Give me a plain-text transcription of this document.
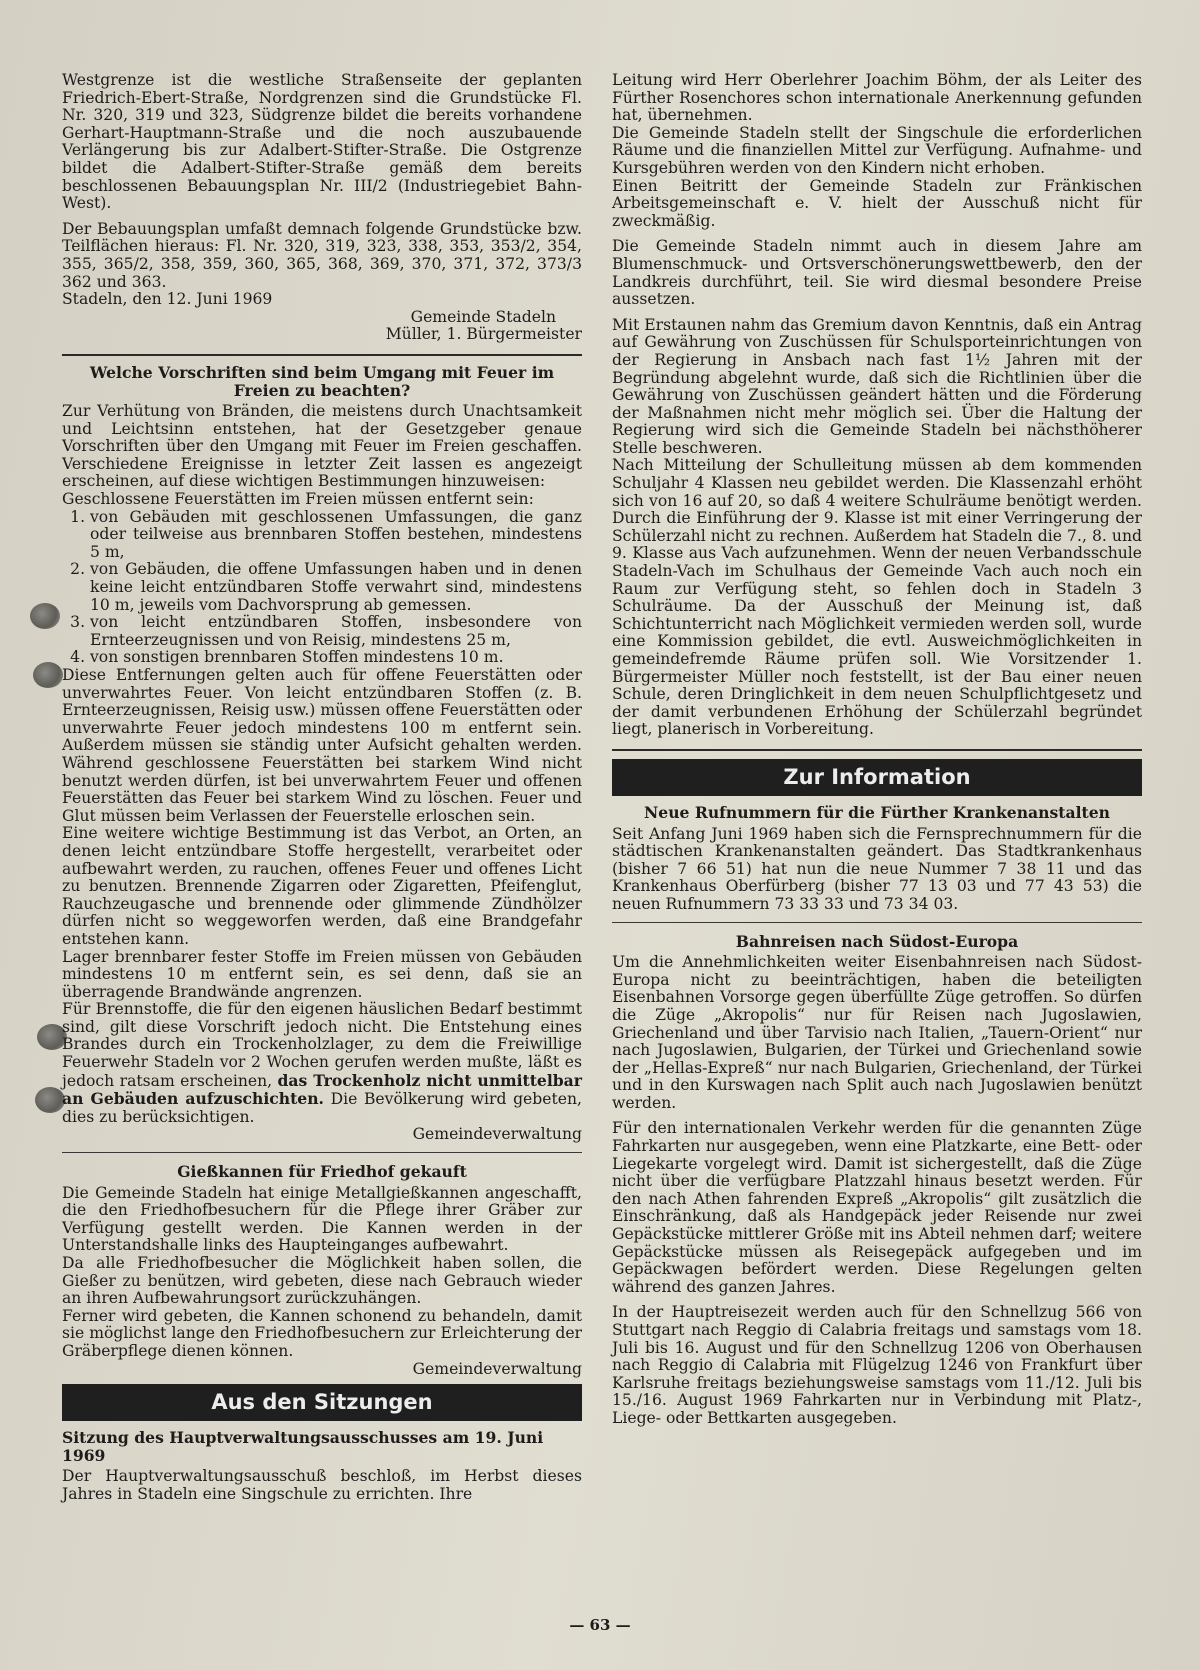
Westgrenze ist die westliche Straßenseite der geplanten Friedrich-Ebert-Straße, Nordgrenzen sind die Grundstücke Fl. Nr. 320, 319 und 323, Südgrenze bildet die bereits vorhandene Gerhart-Hauptmann-Straße und die noch auszubauende Verlängerung bis zur Adalbert-Stifter-Straße. Die Ostgrenze bildet die Adalbert-Stifter-Straße gemäß dem bereits beschlossenen Bebauungsplan Nr. III/2 (Industriegebiet Bahn-West).

Der Bebauungsplan umfaßt demnach folgende Grundstücke bzw. Teilflächen hieraus: Fl. Nr. 320, 319, 323, 338, 353, 353/2, 354, 355, 365/2, 358, 359, 360, 365, 368, 369, 370, 371, 372, 373/3 362 und 363.

Stadeln, den 12. Juni 1969

Gemeinde Stadeln
Müller, 1. Bürgermeister
Welche Vorschriften sind beim Umgang mit Feuer im Freien zu beachten?

Zur Verhütung von Bränden, die meistens durch Unachtsamkeit und Leichtsinn entstehen, hat der Gesetzgeber genaue Vorschriften über den Umgang mit Feuer im Freien geschaffen. Verschiedene Ereignisse in letzter Zeit lassen es angezeigt erscheinen, auf diese wichtigen Bestimmungen hinzuweisen:

Geschlossene Feuerstätten im Freien müssen entfernt sein:

1. von Gebäuden mit geschlossenen Umfassungen, die ganz oder teilweise aus brennbaren Stoffen bestehen, mindestens 5 m,
2. von Gebäuden, die offene Umfassungen haben und in denen keine leicht entzündbaren Stoffe verwahrt sind, mindestens 10 m, jeweils vom Dachvorsprung ab gemessen.
3. von leicht entzündbaren Stoffen, insbesondere von Ernteerzeugnissen und von Reisig, mindestens 25 m,
4. von sonstigen brennbaren Stoffen mindestens 10 m.

Diese Entfernungen gelten auch für offene Feuerstätten oder unverwahrtes Feuer. Von leicht entzündbaren Stoffen (z. B. Ernteerzeugnissen, Reisig usw.) müssen offene Feuerstätten oder unverwahrte Feuer jedoch mindestens 100 m entfernt sein. Außerdem müssen sie ständig unter Aufsicht gehalten werden. Während geschlossene Feuerstätten bei starkem Wind nicht benutzt werden dürfen, ist bei unverwahrtem Feuer und offenen Feuerstätten das Feuer bei starkem Wind zu löschen. Feuer und Glut müssen beim Verlassen der Feuerstelle erloschen sein.

Eine weitere wichtige Bestimmung ist das Verbot, an Orten, an denen leicht entzündbare Stoffe hergestellt, verarbeitet oder aufbewahrt werden, zu rauchen, offenes Feuer und offenes Licht zu benutzen. Brennende Zigarren oder Zigaretten, Pfeifenglut, Rauchzeugasche und brennende oder glimmende Zündhölzer dürfen nicht so weggeworfen werden, daß eine Brandgefahr entstehen kann.

Lager brennbarer fester Stoffe im Freien müssen von Gebäuden mindestens 10 m entfernt sein, es sei denn, daß sie an überragende Brandwände angrenzen.

Für Brennstoffe, die für den eigenen häuslichen Bedarf bestimmt sind, gilt diese Vorschrift jedoch nicht. Die Entstehung eines Brandes durch ein Trockenholzlager, zu dem die Freiwillige Feuerwehr Stadeln vor 2 Wochen gerufen werden mußte, läßt es jedoch ratsam erscheinen, das Trockenholz nicht unmittelbar an Gebäuden aufzuschichten. Die Bevölkerung wird gebeten, dies zu berücksichtigen.

Gemeindeverwaltung
Gießkannen für Friedhof gekauft

Die Gemeinde Stadeln hat einige Metallgießkannen angeschafft, die den Friedhofbesuchern für die Pflege ihrer Gräber zur Verfügung gestellt werden. Die Kannen werden in der Unterstandshalle links des Haupteinganges aufbewahrt.

Da alle Friedhofbesucher die Möglichkeit haben sollen, die Gießer zu benützen, wird gebeten, diese nach Gebrauch wieder an ihren Aufbewahrungsort zurückzuhängen.

Ferner wird gebeten, die Kannen schonend zu behandeln, damit sie möglichst lange den Friedhofbesuchern zur Erleichterung der Gräberpflege dienen können.

Gemeindeverwaltung
Aus den Sitzungen
Sitzung des Hauptverwaltungsausschusses am 19. Juni 1969

Der Hauptverwaltungsausschuß beschloß, im Herbst dieses Jahres in Stadeln eine Singschule zu errichten. Ihre

Leitung wird Herr Oberlehrer Joachim Böhm, der als Leiter des Fürther Rosenchores schon internationale Anerkennung gefunden hat, übernehmen.

Die Gemeinde Stadeln stellt der Singschule die erforderlichen Räume und die finanziellen Mittel zur Verfügung. Aufnahme- und Kursgebühren werden von den Kindern nicht erhoben.

Einen Beitritt der Gemeinde Stadeln zur Fränkischen Arbeitsgemeinschaft e. V. hielt der Ausschuß nicht für zweckmäßig.

Die Gemeinde Stadeln nimmt auch in diesem Jahre am Blumenschmuck- und Ortsverschönerungswettbewerb, den der Landkreis durchführt, teil. Sie wird diesmal besondere Preise aussetzen.

Mit Erstaunen nahm das Gremium davon Kenntnis, daß ein Antrag auf Gewährung von Zuschüssen für Schulsporteinrichtungen von der Regierung in Ansbach nach fast 1½ Jahren mit der Begründung abgelehnt wurde, daß sich die Richtlinien über die Gewährung von Zuschüssen geändert hätten und die Förderung der Maßnahmen nicht mehr möglich sei. Über die Haltung der Regierung wird sich die Gemeinde Stadeln bei nächsthöherer Stelle beschweren.

Nach Mitteilung der Schulleitung müssen ab dem kommenden Schuljahr 4 Klassen neu gebildet werden. Die Klassenzahl erhöht sich von 16 auf 20, so daß 4 weitere Schulräume benötigt werden. Durch die Einführung der 9. Klasse ist mit einer Verringerung der Schülerzahl nicht zu rechnen. Außerdem hat Stadeln die 7., 8. und 9. Klasse aus Vach aufzunehmen. Wenn der neuen Verbandsschule Stadeln-Vach im Schulhaus der Gemeinde Vach auch noch ein Raum zur Verfügung steht, so fehlen doch in Stadeln 3 Schulräume. Da der Ausschuß der Meinung ist, daß Schichtunterricht nach Möglichkeit vermieden werden soll, wurde eine Kommission gebildet, die evtl. Ausweichmöglichkeiten in gemeindefremde Räume prüfen soll. Wie Vorsitzender 1. Bürgermeister Müller noch feststellt, ist der Bau einer neuen Schule, deren Dringlichkeit in dem neuen Schulpflichtgesetz und der damit verbundenen Erhöhung der Schülerzahl begründet liegt, planerisch in Vorbereitung.

Zur Information
Neue Rufnummern für die Fürther Krankenanstalten

Seit Anfang Juni 1969 haben sich die Fernsprechnummern für die städtischen Krankenanstalten geändert. Das Stadtkrankenhaus (bisher 7 66 51) hat nun die neue Nummer 7 38 11 und das Krankenhaus Oberfürberg (bisher 77 13 03 und 77 43 53) die neuen Rufnummern 73 33 33 und 73 34 03.

Bahnreisen nach Südost-Europa

Um die Annehmlichkeiten weiter Eisenbahnreisen nach Südost-Europa nicht zu beeinträchtigen, haben die beteiligten Eisenbahnen Vorsorge gegen überfüllte Züge getroffen. So dürfen die Züge „Akropolis“ nur für Reisen nach Jugoslawien, Griechenland und über Tarvisio nach Italien, „Tauern-Orient“ nur nach Jugoslawien, Bulgarien, der Türkei und Griechenland sowie der „Hellas-Expreß“ nur nach Bulgarien, Griechenland, der Türkei und in den Kurswagen nach Split auch nach Jugoslawien benützt werden.

Für den internationalen Verkehr werden für die genannten Züge Fahrkarten nur ausgegeben, wenn eine Platzkarte, eine Bett- oder Liegekarte vorgelegt wird. Damit ist sichergestellt, daß die Züge nicht über die verfügbare Platzzahl hinaus besetzt werden. Für den nach Athen fahrenden Expreß „Akropolis“ gilt zusätzlich die Einschränkung, daß als Handgepäck jeder Reisende nur zwei Gepäckstücke mittlerer Größe mit ins Abteil nehmen darf; weitere Gepäckstücke müssen als Reisegepäck aufgegeben und im Gepäckwagen befördert werden. Diese Regelungen gelten während des ganzen Jahres.

In der Hauptreisezeit werden auch für den Schnellzug 566 von Stuttgart nach Reggio di Calabria freitags und samstags vom 18. Juli bis 16. August und für den Schnellzug 1206 von Oberhausen nach Reggio di Calabria mit Flügelzug 1246 von Frankfurt über Karlsruhe freitags beziehungsweise samstags vom 11./12. Juli bis 15./16. August 1969 Fahrkarten nur in Verbindung mit Platz-, Liege- oder Bettkarten ausgegeben.

— 63 —
